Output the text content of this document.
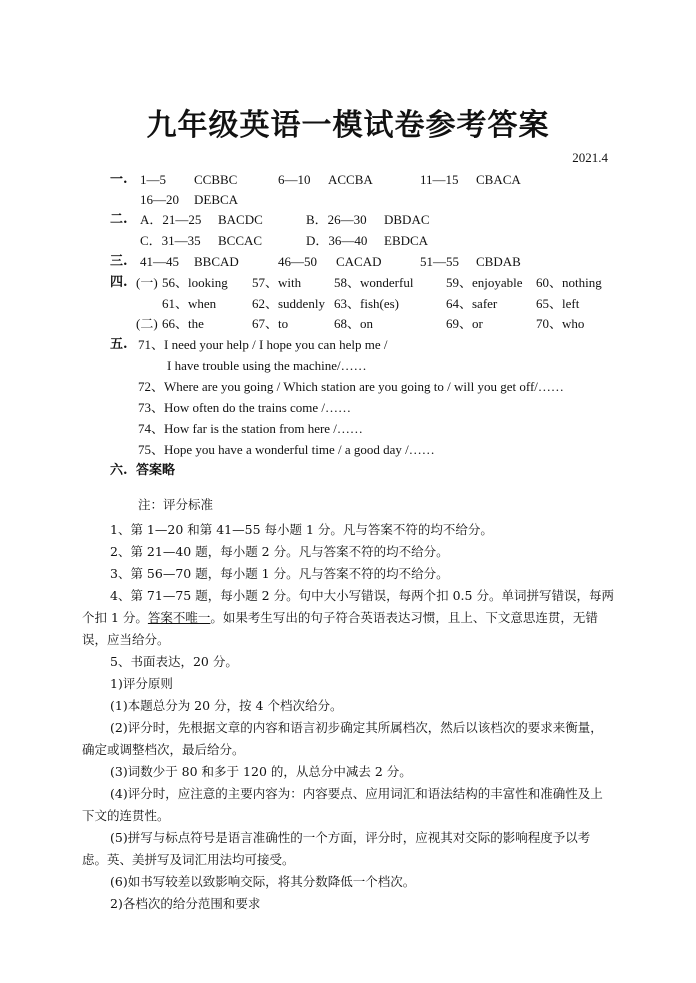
九年级英语一模试卷参考答案
2021.4
一. 1—5 CCBBC	6—10 ACCBA	11—15 CBACA
16—20 DEBCA
二. A．21—25 BACDC	B．26—30 DBDAC
C．31—35 BCCAC	D．36—40 EBDCA
三. 41—45 BBCAD	46—50 CACAD	51—55 CBDAB
四. (一) 56、looking 57、with	58、wonderful	59、enjoyable 60、nothing
61、when	62、suddenly 63、fish(es)	64、safer	65、left
(二) 66、the	67、to	68、on	69、or	70、who
五. 71、I need your help / I hope you can help me /
I have trouble using the machine/……
72、Where are you going / Which station are you going to / will you get off/……
73、How often do the trains come /……
74、How far is the station from here /……
75、Hope you have a wonderful time / a good day /……
六. 答案略
注：评分标准
1、第 1—20 和第 41—55 每小题 1 分。凡与答案不符的均不给分。
2、第 21—40 题，每小题 2 分。凡与答案不符的均不给分。
3、第 56—70 题，每小题 1 分。凡与答案不符的均不给分。
4、第 71—75 题，每小题 2 分。句中大小写错误，每两个扣 0.5 分。单词拼写错误，每两个扣 1 分。答案不唯一。如果考生写出的句子符合英语表达习惯，且上、下文意思连贯，无错误，应当给分。
5、书面表达，20 分。
1)评分原则
(1)本题总分为 20 分，按 4 个档次给分。
(2)评分时，先根据文章的内容和语言初步确定其所属档次，然后以该档次的要求来衡量，确定或调整档次，最后给分。
(3)词数少于 80 和多于 120 的，从总分中减去 2 分。
(4)评分时，应注意的主要内容为：内容要点、应用词汇和语法结构的丰富性和准确性及上下文的连贯性。
(5)拼写与标点符号是语言准确性的一个方面，评分时，应视其对交际的影响程度予以考虑。英、美拼写及词汇用法均可接受。
(6)如书写较差以致影响交际，将其分数降低一个档次。
2)各档次的给分范围和要求
